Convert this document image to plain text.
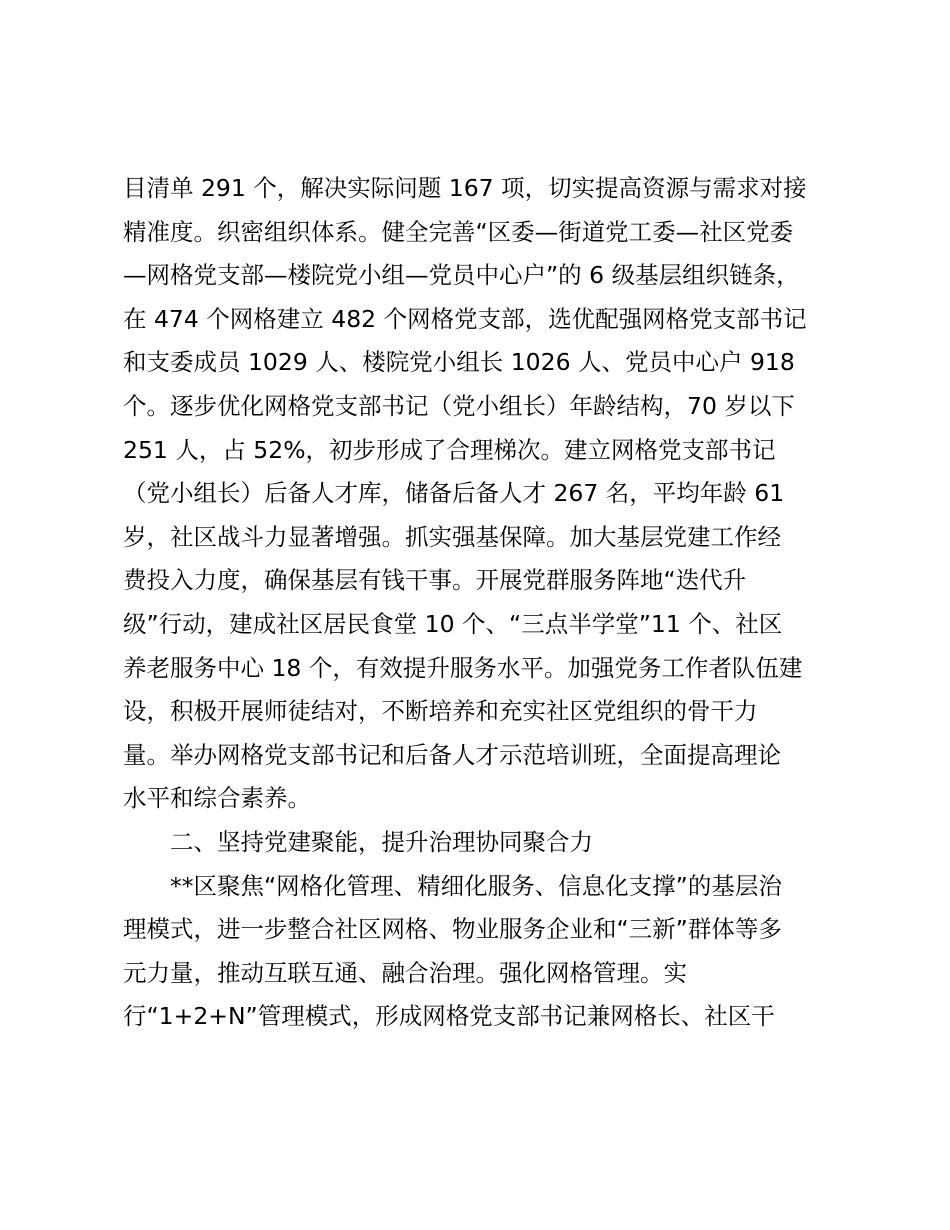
目清单 291 个，解决实际问题 167 项，切实提高资源与需求对接
精准度。织密组织体系。健全完善“区委—街道党工委—社区党委
—网格党支部—楼院党小组—党员中心户”的 6 级基层组织链条，
在 474 个网格建立 482 个网格党支部，选优配强网格党支部书记
和支委成员 1029 人、楼院党小组长 1026 人、党员中心户 918
个。逐步优化网格党支部书记（党小组长）年龄结构，70 岁以下
251 人，占 52%，初步形成了合理梯次。建立网格党支部书记
（党小组长）后备人才库，储备后备人才 267 名，平均年龄 61
岁，社区战斗力显著增强。抓实强基保障。加大基层党建工作经
费投入力度，确保基层有钱干事。开展党群服务阵地“迭代升
级”行动，建成社区居民食堂 10 个、“三点半学堂”11 个、社区
养老服务中心 18 个，有效提升服务水平。加强党务工作者队伍建
设，积极开展师徒结对，不断培养和充实社区党组织的骨干力
量。举办网格党支部书记和后备人才示范培训班，全面提高理论
水平和综合素养。
二、坚持党建聚能，提升治理协同聚合力
**区聚焦“网格化管理、精细化服务、信息化支撑”的基层治
理模式，进一步整合社区网格、物业服务企业和“三新”群体等多
元力量，推动互联互通、融合治理。强化网格管理。实
行“1+2+N”管理模式，形成网格党支部书记兼网格长、社区干
